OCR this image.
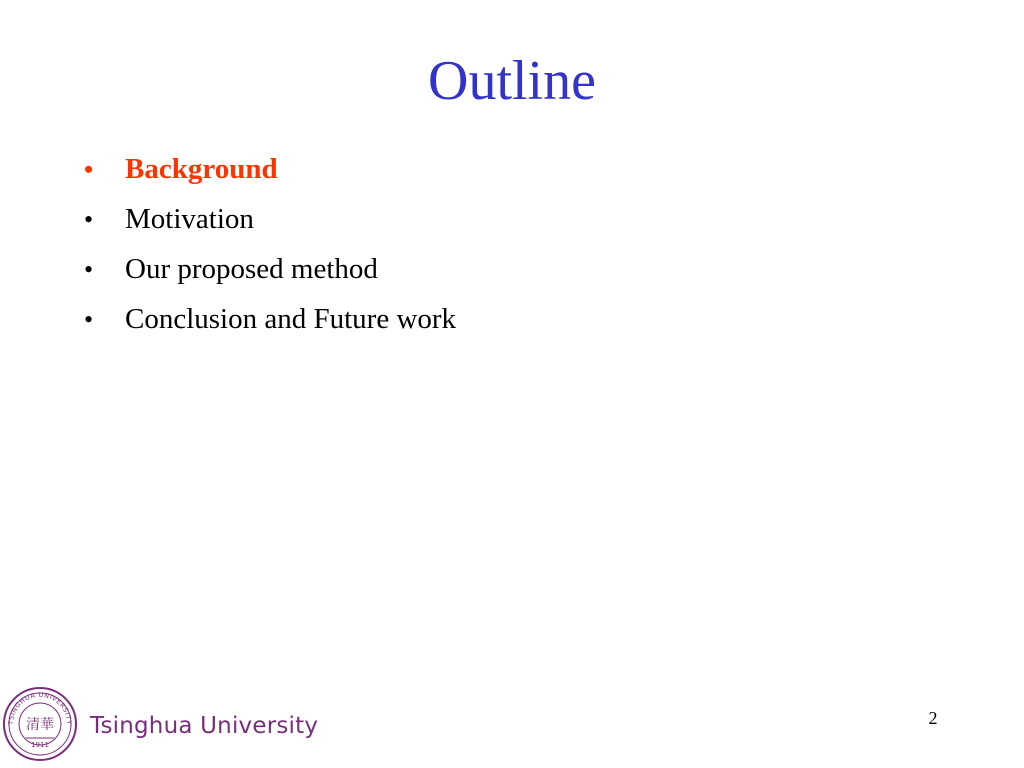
Outline
•	Background
•	Motivation
•	Our proposed method
•	Conclusion and Future work
TSINGHUA UNIVERSITY
清華
1911
Tsinghua University	2
